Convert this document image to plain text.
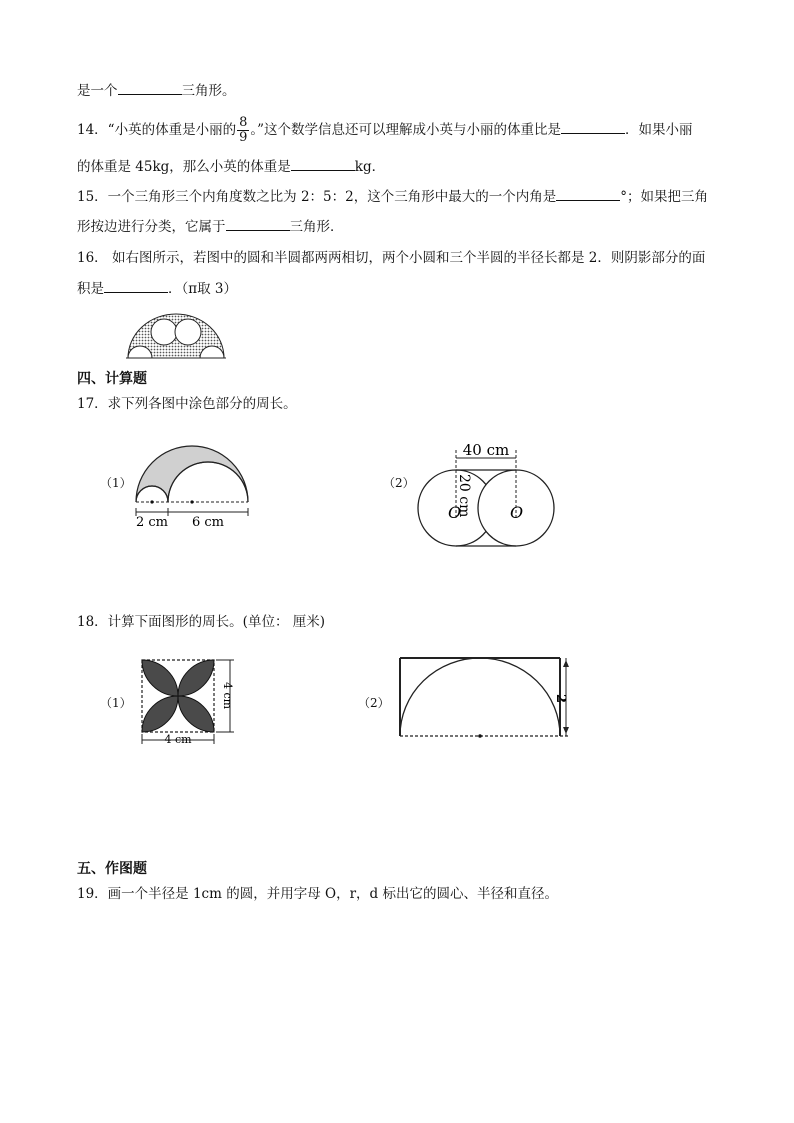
是一个	三角形。
14．“小英的体重是小丽的 $\frac{8}{9}$ 。”这个数学信息还可以理解成小英与小丽的体重比是	．如果小丽
的体重是 45kg，那么小英的体重是	kg．
15．一个三角形三个内角度数之比为 2：5：2，这个三角形中最大的一个内角是	°；如果把三角
形按边进行分类，它属于	三角形．
16． 如右图所示，若图中的圆和半圆都两两相切，两个小圆和三个半圆的半径长都是 2．则阴影部分的面
积是	．（π取 3）
四、计算题
17．求下列各图中涂色部分的周长。
（1）
2 cm 6 cm
（2）
40 cm
20 cm
O	O
18．计算下面图形的周长。(单位： 厘米)
（1）	4 cm
4 cm
（2）	2
五、作图题
19．画一个半径是 1cm 的圆，并用字母 O，r，d 标出它的圆心、半径和直径。
